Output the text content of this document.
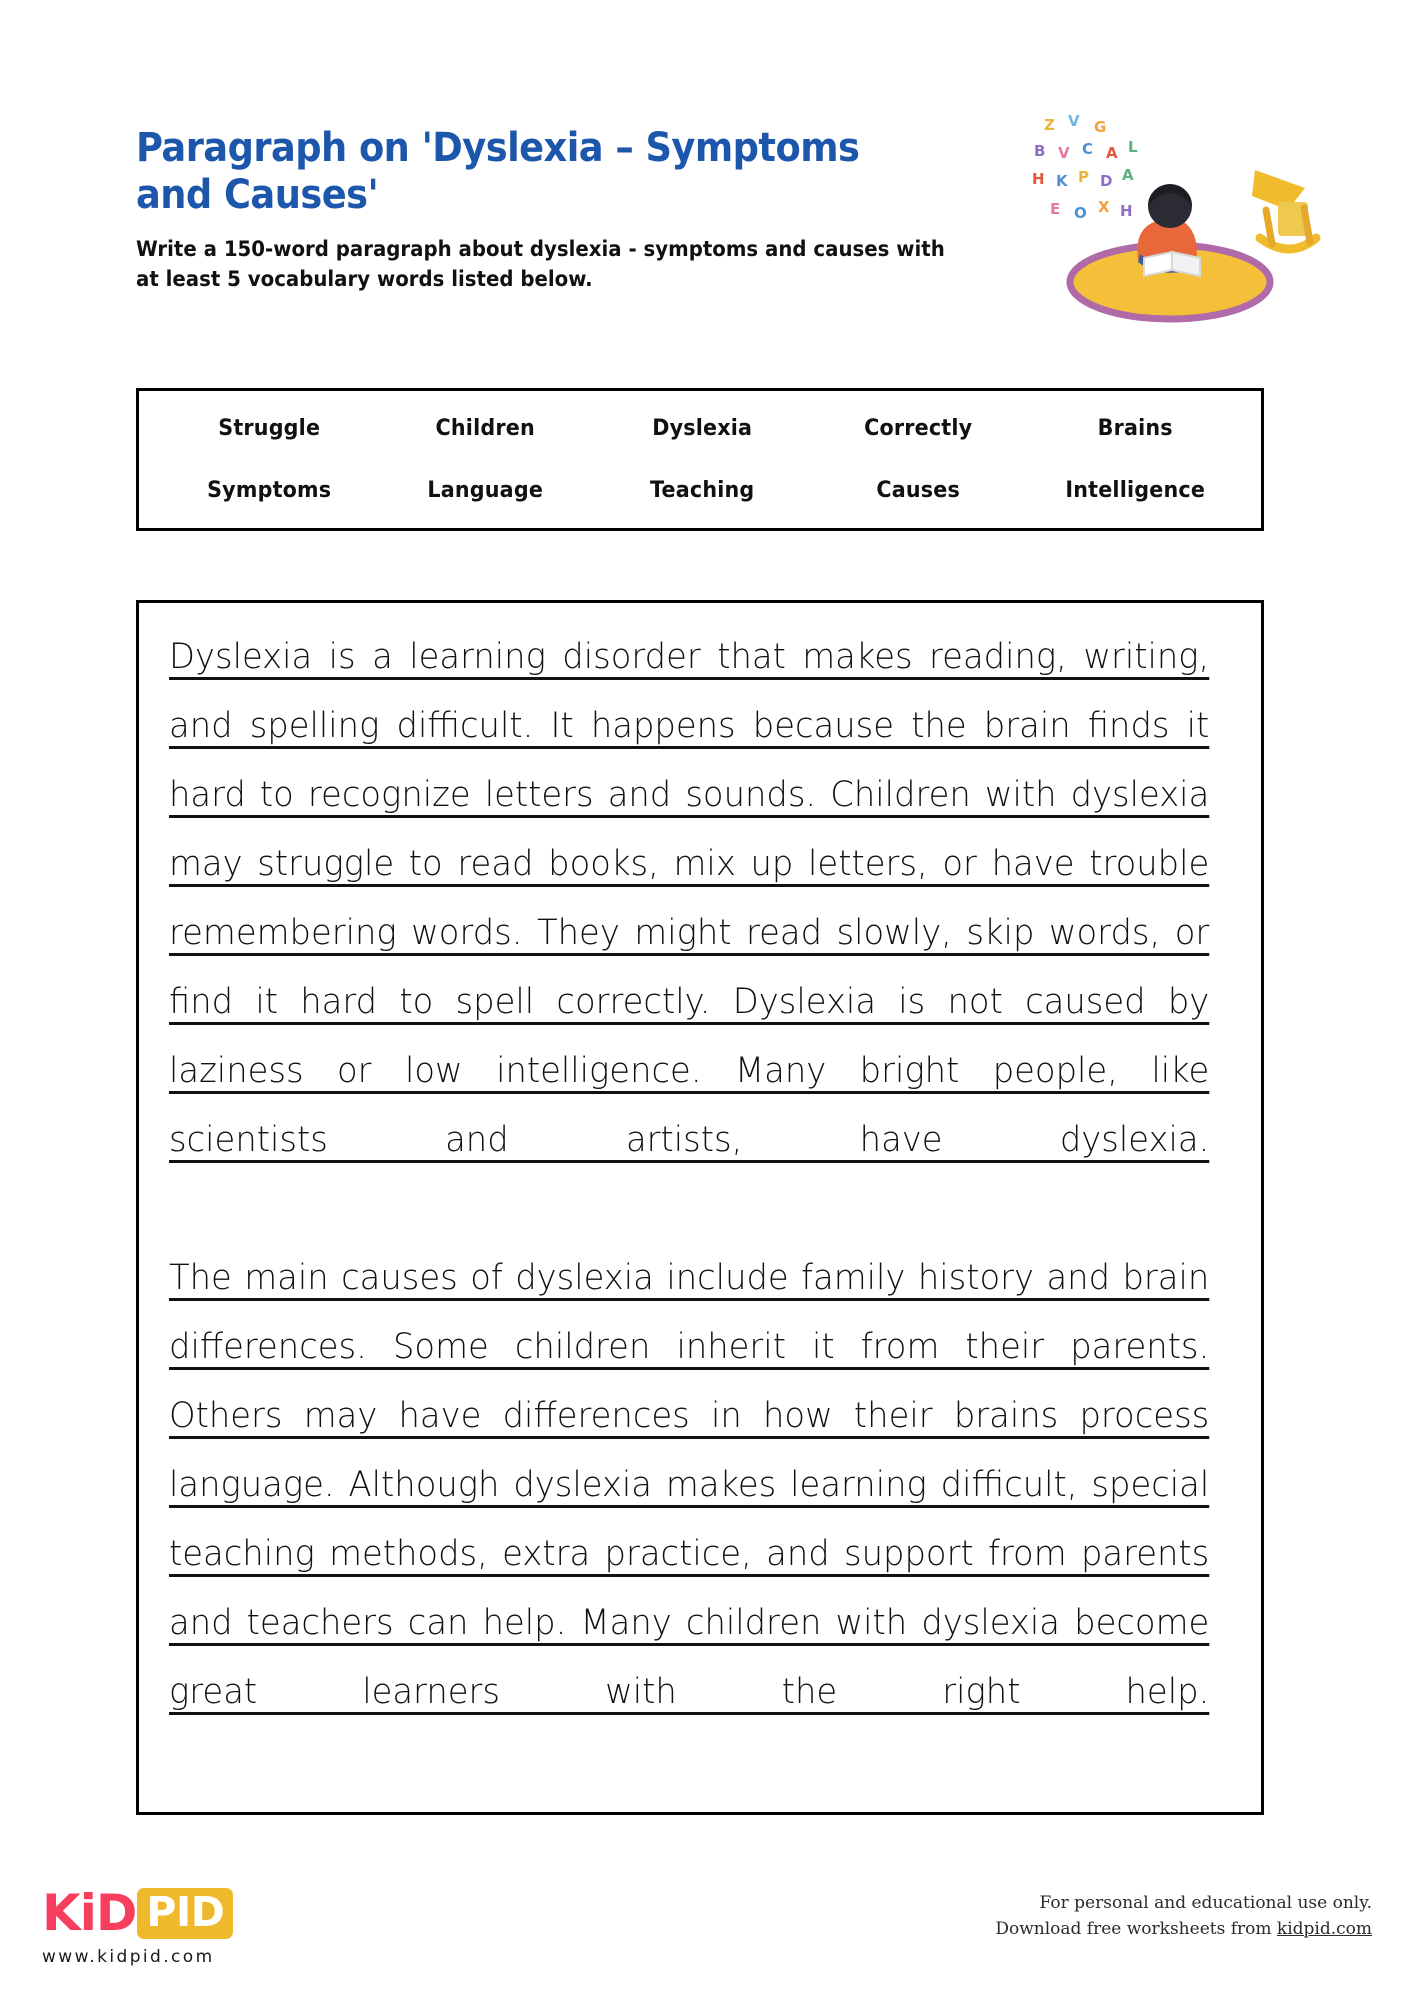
Paragraph on 'Dyslexia – Symptoms and Causes'
Write a 150-word paragraph about dyslexia - symptoms and causes with at least 5 vocabulary words listed below.
Z V G
B V C A L
H K P D A
E O X H
Struggle	Children	Dyslexia	Correctly	Brains
Symptoms	Language	Teaching	Causes	Intelligence
Dyslexia is a learning disorder that makes reading, writing, and spelling difficult. It happens because the brain finds it hard to recognize letters and sounds. Children with dyslexia may struggle to read books, mix up letters, or have trouble remembering words. They might read slowly, skip words, or find it hard to spell correctly. Dyslexia is not caused by laziness or low intelligence. Many bright people, like scientists and artists, have dyslexia.
The main causes of dyslexia include family history and brain differences. Some children inherit it from their parents. Others may have differences in how their brains process language. Although dyslexia makes learning difficult, special teaching methods, extra practice, and support from parents and teachers can help. Many children with dyslexia become great learners with the right help.
KiD PID
www.kidpid.com
For personal and educational use only.
Download free worksheets from kidpid.com
